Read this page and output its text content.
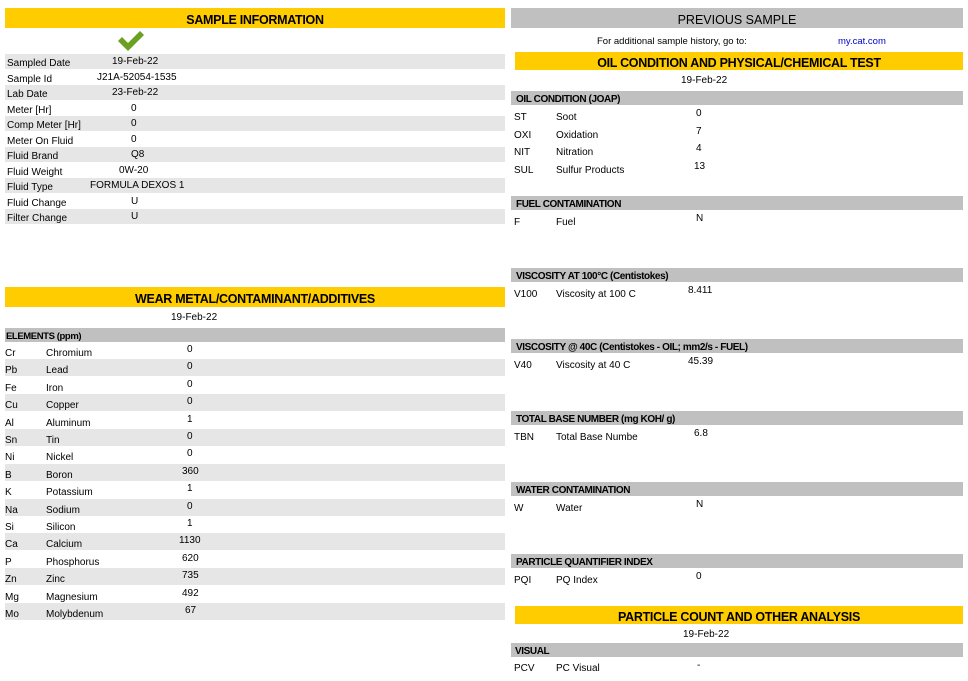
SAMPLE INFORMATION
Sampled Date	19-Feb-22
Sample Id	J21A-52054-1535
Lab Date	23-Feb-22
Meter [Hr]	0
Comp Meter [Hr]	0
Meter On Fluid	0
Fluid Brand	Q8
Fluid Weight	0W-20
Fluid Type	FORMULA DEXOS 1
Fluid Change	U
Filter Change	U
WEAR METAL/CONTAMINANT/ADDITIVES
19-Feb-22
ELEMENTS (ppm)
Cr	Chromium	0
Pb	Lead	0
Fe	Iron	0
Cu	Copper	0
Al	Aluminum	1
Sn	Tin	0
Ni	Nickel	0
B	Boron	360
K	Potassium	1
Na	Sodium	0
Si	Silicon	1
Ca	Calcium	1130
P	Phosphorus	620
Zn	Zinc	735
Mg	Magnesium	492
Mo	Molybdenum	67
PREVIOUS SAMPLE
For additional sample history, go to:	my.cat.com
OIL CONDITION AND PHYSICAL/CHEMICAL TEST
19-Feb-22
OIL CONDITION (JOAP)
ST	Soot	0
OXI Oxidation	7
NIT	Nitration	4
SUL Sulfur Products	13
FUEL CONTAMINATION
F	Fuel	N
VISCOSITY AT 100°C (Centistokes)
V100 Viscosity at 100 C	8.411
VISCOSITY @ 40C (Centistokes - OIL; mm2/s - FUEL)
V40 Viscosity at 40 C	45.39
TOTAL BASE NUMBER (mg KOH/ g)
TBN Total Base Numbe	6.8
WATER CONTAMINATION
W	Water	N
PARTICLE QUANTIFIER INDEX
PQI PQ Index	0
PARTICLE COUNT AND OTHER ANALYSIS
19-Feb-22
VISUAL
PCV PC Visual	-
